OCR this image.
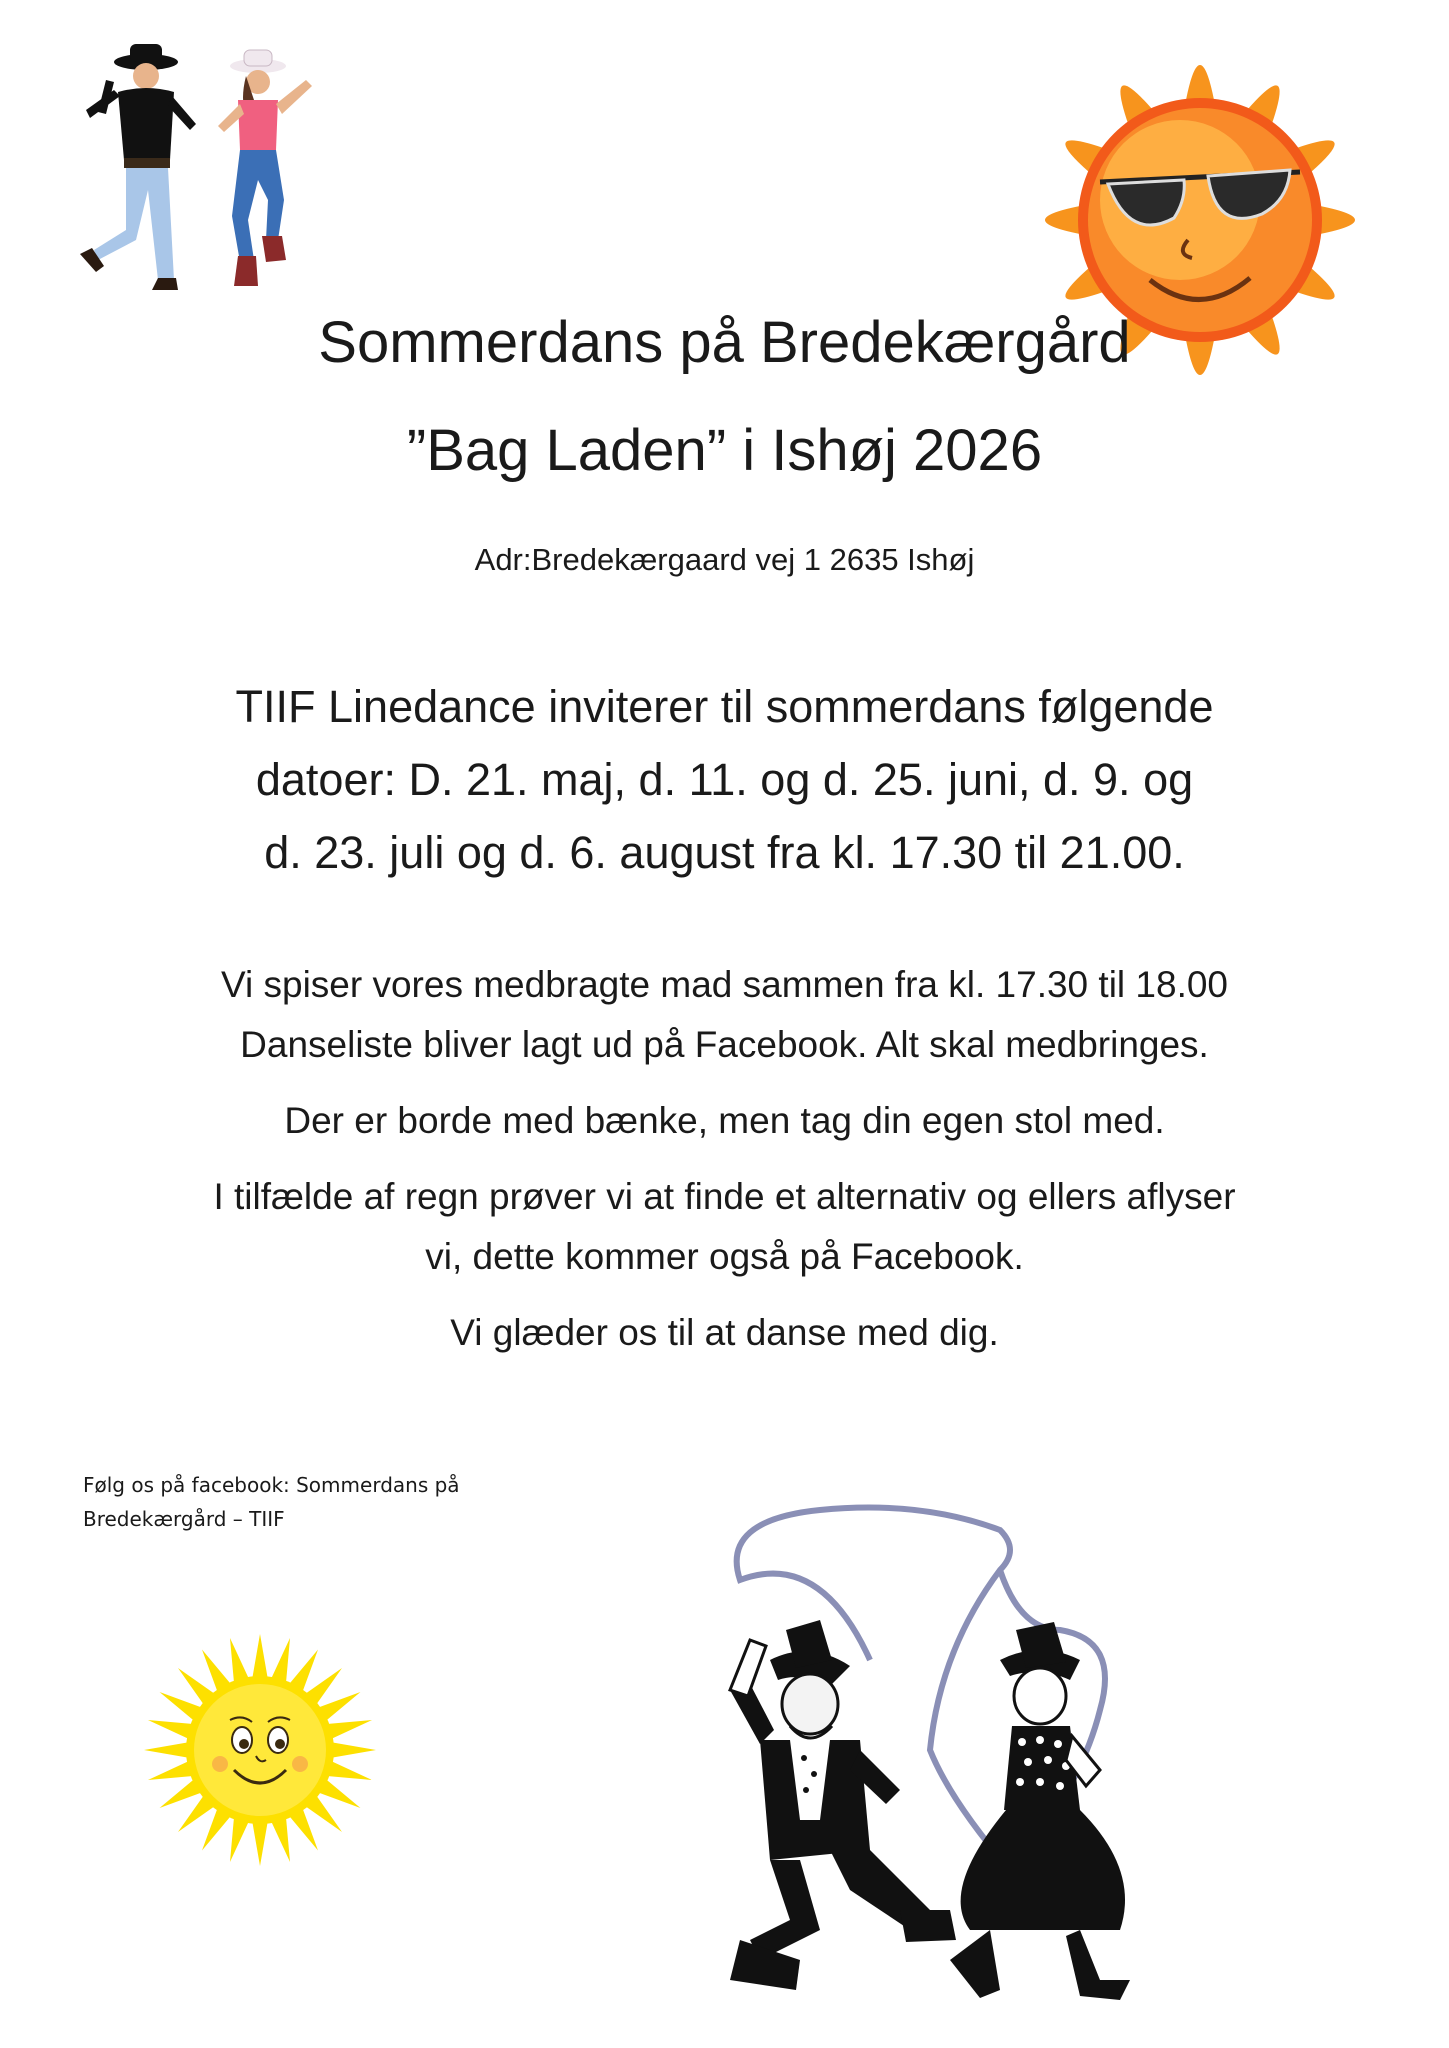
Sommerdans på Bredekærgård
”Bag Laden” i Ishøj 2026
Adr:Bredekærgaard vej 1 2635 Ishøj
TIIF Linedance inviterer til sommerdans følgende
datoer: D. 21. maj, d. 11. og d. 25. juni, d. 9. og
d. 23. juli og d. 6. august fra kl. 17.30 til 21.00.
Vi spiser vores medbragte mad sammen fra kl. 17.30 til 18.00
Danseliste bliver lagt ud på Facebook. Alt skal medbringes.
Der er borde med bænke, men tag din egen stol med.
I tilfælde af regn prøver vi at finde et alternativ og ellers aflyser
vi, dette kommer også på Facebook.
Vi glæder os til at danse med dig.
Følg os på facebook: Sommerdans på
Bredekærgård – TIIF
